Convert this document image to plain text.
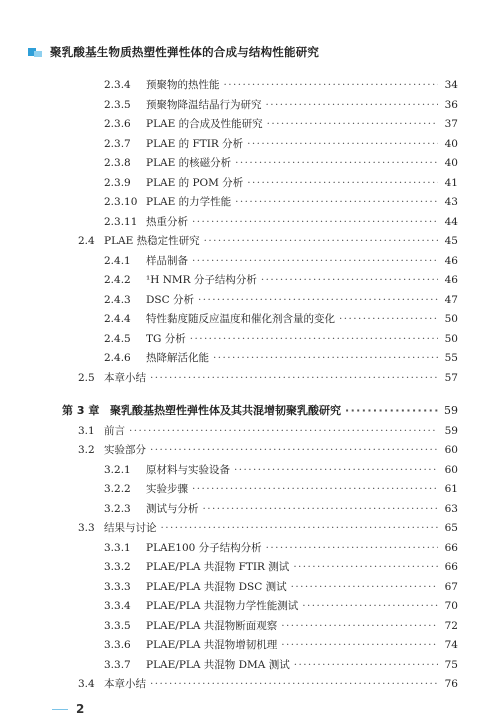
聚乳酸基生物质热塑性弹性体的合成与结构性能研究
2.3.4	预聚物的热性能 ·····	34
2.3.5	预聚物降温结晶行为研究 ·····	36
2.3.6	PLAE 的合成及性能研究 ·····	37
2.3.7	PLAE 的 FTIR 分析 ·····	40
2.3.8	PLAE 的核磁分析 ·····	40
2.3.9	PLAE 的 POM 分析 ·····	41
2.3.10 PLAE 的力学性能 ·····	43
2.3.11 热重分析 ·····	44
2.4 PLAE 热稳定性研究 ·····	45
2.4.1	样品制备 ·····	46
2.4.2	¹H NMR 分子结构分析 ·····	46
2.4.3	DSC 分析 ·····	47
2.4.4	特性黏度随反应温度和催化剂含量的变化 ·····	50
2.4.5	TG 分析 ·····	50
2.4.6	热降解活化能 ·····	55
2.5 本章小结 ·····	57
第 3 章 聚乳酸基热塑性弹性体及其共混增韧聚乳酸研究 ·····	59
3.1 前言 ·····	59
3.2 实验部分 ·····	60
3.2.1	原材料与实验设备 ·····	60
3.2.2	实验步骤 ·····	61
3.2.3	测试与分析 ·····	63
3.3 结果与讨论 ·····	65
3.3.1	PLAE100 分子结构分析 ·····	66
3.3.2	PLAE/PLA 共混物 FTIR 测试 ·····	66
3.3.3	PLAE/PLA 共混物 DSC 测试 ·····	67
3.3.4	PLAE/PLA 共混物力学性能测试 ·····	70
3.3.5	PLAE/PLA 共混物断面观察 ·····	72
3.3.6	PLAE/PLA 共混物增韧机理 ·····	74
3.3.7	PLAE/PLA 共混物 DMA 测试 ·····	75
3.4 本章小结 ·····	76
2
